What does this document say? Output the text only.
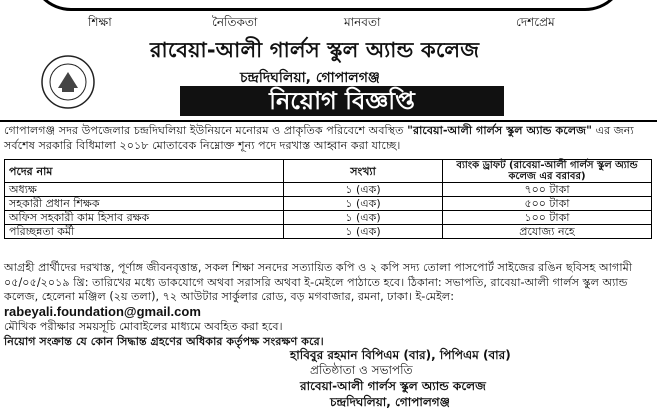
শিক্ষা	নৈতিকতা	মানবতা	দেশপ্রেম
রাবেয়া-আলী গার্লস স্কুল অ্যান্ড কলেজ
চন্দ্রদিঘলিয়া, গোপালগঞ্জ
নিয়োগ বিজ্ঞপ্তি
গোপালগঞ্জ সদর উপজেলার চন্দ্রদিঘলিয়া ইউনিয়নে মনোরম ও প্রাকৃতিক পরিবেশে অবস্থিত "রাবেয়া-আলী গার্লস স্কুল অ্যান্ড কলেজ" এর জন্য সর্বশেষ সরকারি বিধিমালা ২০১৮ মোতাবেক নিম্নোক্ত শূন্য পদে দরখাস্ত আহ্বান করা যাচ্ছে।
পদের নাম	সংখ্যা	ব্যাংক ড্রাফট (রাবেয়া-আলী গার্লস স্কুল অ্যান্ড কলেজ এর বরাবর)
অধ্যক্ষ	১ (এক)	৭০০ টাকা
সহকারী প্রধান শিক্ষক	১ (এক)	৫০০ টাকা
অফিস সহকারী কাম হিসাব রক্ষক	১ (এক)	১০০ টাকা
পরিচ্ছন্নতা কর্মী	১ (এক)	প্রযোজ্য নহে
আগ্রহী প্রার্থীদের দরখাস্ত, পূর্ণাঙ্গ জীবনবৃত্তান্ত, সকল শিক্ষা সনদের সত্যায়িত কপি ও ২ কপি সদ্য তোলা পাসপোর্ট সাইজের রঙিন ছবিসহ আগামী ০৫/০৫/২০১৯ খ্রি: তারিখের মধ্যে ডাকযোগে অথবা সরাসরি অথবা ই-মেইলে পাঠাতে হবে। ঠিকানা: সভাপতি, রাবেয়া-আলী গার্লস স্কুল অ্যান্ড কলেজ, হেলেনা মঞ্জিল (২য় তলা), ৭২ আউটার সার্কুলার রোড, বড় মগবাজার, রমনা, ঢাকা। ই-মেইল: rabeyali.foundation@gmail.com
মৌখিক পরীক্ষার সময়সূচি মোবাইলের মাধ্যমে অবহিত করা হবে।
নিয়োগ সংক্রান্ত যে কোন সিদ্ধান্ত গ্রহণের অধিকার কর্তৃপক্ষ সংরক্ষণ করে।
হাবিবুর রহমান বিপিএম (বার), পিপিএম (বার)
প্রতিষ্ঠাতা ও সভাপতি
রাবেয়া-আলী গার্লস স্কুল অ্যান্ড কলেজ
চন্দ্রদিঘলিয়া, গোপালগঞ্জ
